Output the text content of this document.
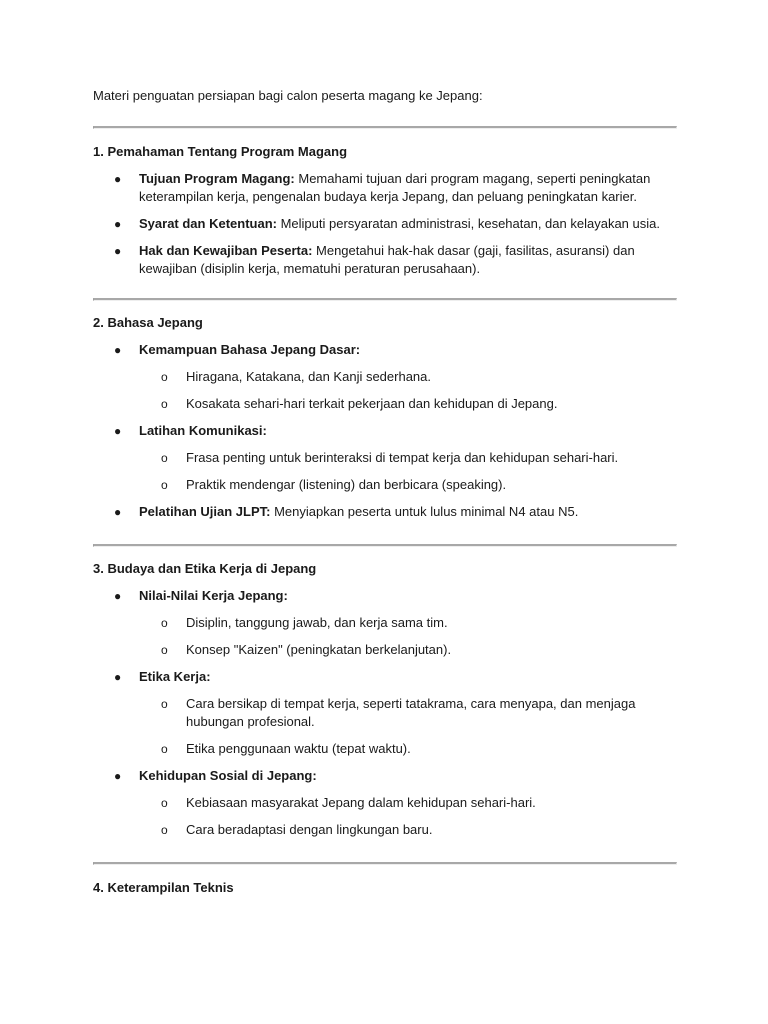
Materi penguatan persiapan bagi calon peserta magang ke Jepang:

1. Pemahaman Tentang Program Magang

● Tujuan Program Magang: Memahami tujuan dari program magang, seperti peningkatan keterampilan kerja, pengenalan budaya kerja Jepang, dan peluang peningkatan karier.
● Syarat dan Ketentuan: Meliputi persyaratan administrasi, kesehatan, dan kelayakan usia.
● Hak dan Kewajiban Peserta: Mengetahui hak-hak dasar (gaji, fasilitas, asuransi) dan kewajiban (disiplin kerja, mematuhi peraturan perusahaan).

2. Bahasa Jepang

● Kemampuan Bahasa Jepang Dasar:
o Hiragana, Katakana, dan Kanji sederhana.
o Kosakata sehari-hari terkait pekerjaan dan kehidupan di Jepang.
● Latihan Komunikasi:
o Frasa penting untuk berinteraksi di tempat kerja dan kehidupan sehari-hari.
o Praktik mendengar (listening) dan berbicara (speaking).
● Pelatihan Ujian JLPT: Menyiapkan peserta untuk lulus minimal N4 atau N5.

3. Budaya dan Etika Kerja di Jepang

● Nilai-Nilai Kerja Jepang:
o Disiplin, tanggung jawab, dan kerja sama tim.
o Konsep "Kaizen" (peningkatan berkelanjutan).
● Etika Kerja:
o Cara bersikap di tempat kerja, seperti tatakrama, cara menyapa, dan menjaga hubungan profesional.
o Etika penggunaan waktu (tepat waktu).
● Kehidupan Sosial di Jepang:
o Kebiasaan masyarakat Jepang dalam kehidupan sehari-hari.
o Cara beradaptasi dengan lingkungan baru.

4. Keterampilan Teknis
